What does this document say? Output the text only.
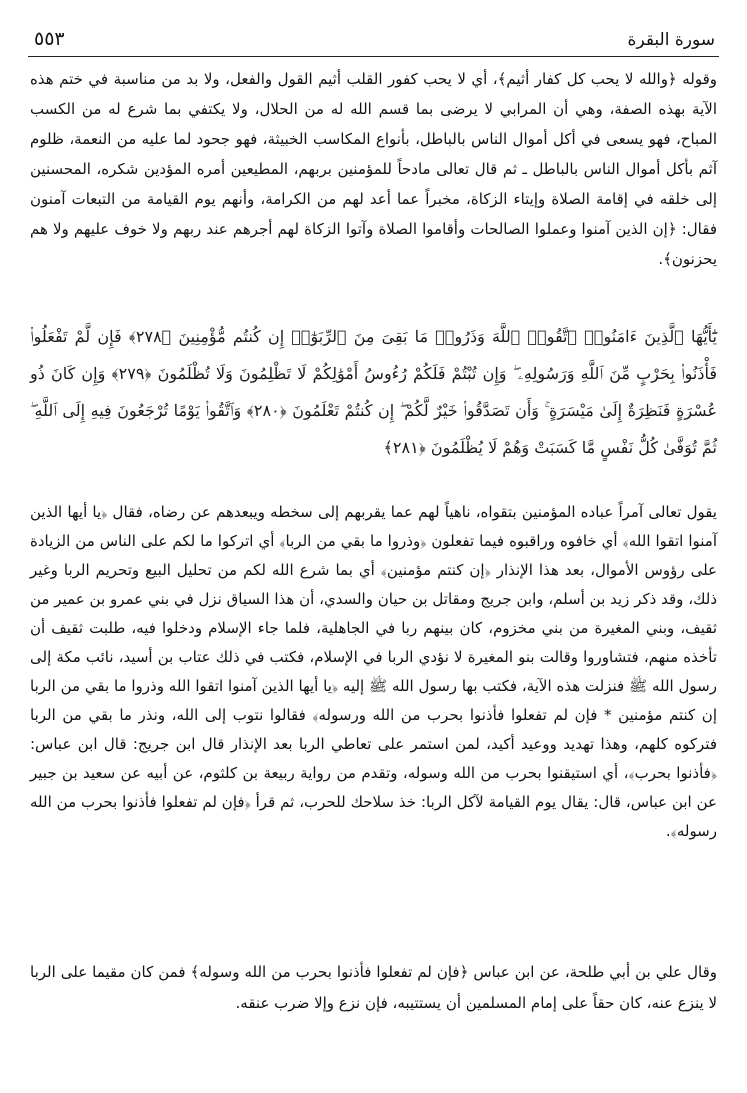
سورة البقرة
٥٥٣

وقوله ﴿والله لا يحب كل كفار أثيم﴾، أي لا يحب كفور القلب أثيم القول والفعل، ولا بد من مناسبة في ختم هذه الآية بهذه الصفة، وهي أن المرابي لا يرضى بما قسم الله له من الحلال، ولا يكتفي بما شرع له من الكسب المباح، فهو يسعى في أكل أموال الناس بالباطل، بأنواع المكاسب الخبيثة، فهو جحود لما عليه من النعمة، ظلوم آثم بأكل أموال الناس بالباطل ـ ثم قال تعالى مادحاً للمؤمنين بربهم، المطيعين أمره المؤدين شكره، المحسنين إلى خلقه في إقامة الصلاة وإيتاء الزكاة، مخبراً عما أعد لهم من الكرامة، وأنهم يوم القيامة من التبعات آمنون فقال: ﴿إن الذين آمنوا وعملوا الصالحات وأقاموا الصلاة وآتوا الزكاة لهم أجرهم عند ربهم ولا خوف عليهم ولا هم يحزنون﴾.

يَٰٓأَيُّهَا ٱلَّذِينَ ءَامَنُوا۟ ٱتَّقُوا۟ ٱللَّهَ وَذَرُوا۟ مَا بَقِىَ مِنَ ٱلرِّبَوٰٓا۟ إِن كُنتُم مُّؤْمِنِينَ ﴿٢٧٨﴾ فَإِن لَّمْ تَفْعَلُوا۟ فَأْذَنُوا۟ بِحَرْبٍ مِّنَ ٱللَّهِ وَرَسُولِهِۦ ۖ وَإِن تُبْتُمْ فَلَكُمْ رُءُوسُ أَمْوَٰلِكُمْ لَا تَظْلِمُونَ وَلَا تُظْلَمُونَ ﴿٢٧٩﴾ وَإِن كَانَ ذُو عُسْرَةٍ فَنَظِرَةٌ إِلَىٰ مَيْسَرَةٍ ۚ وَأَن تَصَدَّقُوا۟ خَيْرٌ لَّكُمْ ۖ إِن كُنتُمْ تَعْلَمُونَ ﴿٢٨٠﴾ وَٱتَّقُوا۟ يَوْمًا تُرْجَعُونَ فِيهِ إِلَى ٱللَّهِ ۖ ثُمَّ تُوَفَّىٰ كُلُّ نَفْسٍ مَّا كَسَبَتْ وَهُمْ لَا يُظْلَمُونَ ﴿٢٨١﴾

يقول تعالى آمراً عباده المؤمنين بتقواه، ناهياً لهم عما يقربهم إلى سخطه ويبعدهم عن رضاه، فقال ﴿يا أيها الذين آمنوا اتقوا الله﴾ أي خافوه وراقبوه فيما تفعلون ﴿وذروا ما بقي من الربا﴾ أي اتركوا ما لكم على الناس من الزيادة على رؤوس الأموال، بعد هذا الإنذار ﴿إن كنتم مؤمنين﴾ أي بما شرع الله لكم من تحليل البيع وتحريم الربا وغير ذلك، وقد ذكر زيد بن أسلم، وابن جريج ومقاتل بن حيان والسدي، أن هذا السياق نزل في بني عمرو بن عمير من ثقيف، وبني المغيرة من بني مخزوم، كان بينهم ربا في الجاهلية، فلما جاء الإسلام ودخلوا فيه، طلبت ثقيف أن تأخذه منهم، فتشاوروا وقالت بنو المغيرة لا نؤدي الربا في الإسلام، فكتب في ذلك عتاب بن أسيد، نائب مكة إلى رسول الله ﷺ فنزلت هذه الآية، فكتب بها رسول الله ﷺ إليه ﴿يا أيها الذين آمنوا اتقوا الله وذروا ما بقي من الربا إن كنتم مؤمنين * فإن لم تفعلوا فأذنوا بحرب من الله ورسوله﴾ فقالوا نتوب إلى الله، ونذر ما بقي من الربا فتركوه كلهم، وهذا تهديد ووعيد أكيد، لمن استمر على تعاطي الربا بعد الإنذار قال ابن جريج: قال ابن عباس: ﴿فأذنوا بحرب﴾، أي استيقنوا بحرب من الله وسوله، وتقدم من رواية ربيعة بن كلثوم، عن أبيه عن سعيد بن جبير عن ابن عباس، قال: يقال يوم القيامة لآكل الربا: خذ سلاحك للحرب، ثم قرأ ﴿فإن لم تفعلوا فأذنوا بحرب من الله رسوله﴾.

وقال علي بن أبي طلحة، عن ابن عباس ﴿فإن لم تفعلوا فأذنوا بحرب من الله وسوله﴾ فمن كان مقيما على الربا لا ينزع عنه، كان حقاً على إمام المسلمين أن يستتيبه، فإن نزع وإلا ضرب عنقه.
